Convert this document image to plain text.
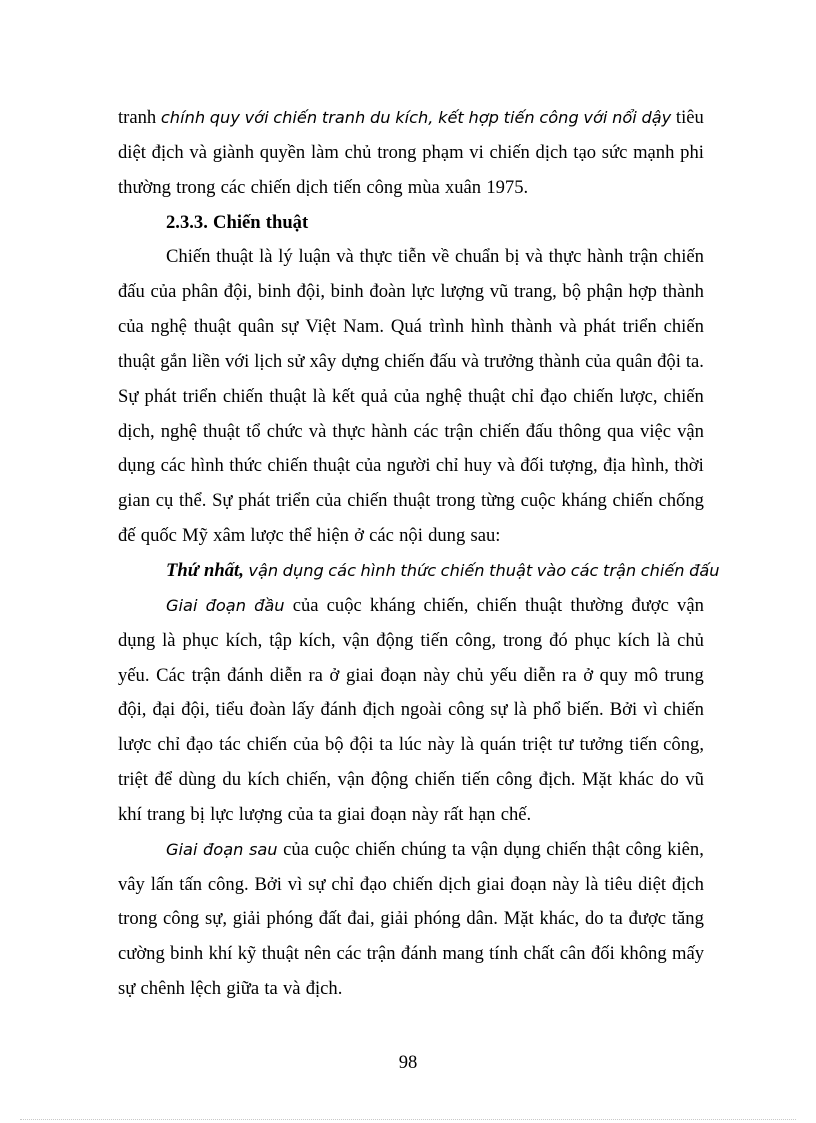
tranh chính quy với chiến tranh du kích, kết hợp tiến công với nổi dậy tiêu
diệt địch và giành quyền làm chủ trong phạm vi chiến dịch tạo sức mạnh phi
thường trong các chiến dịch tiến công mùa xuân 1975.
2.3.3. Chiến thuật
Chiến thuật là lý luận và thực tiễn về chuẩn bị và thực hành trận chiến
đấu của phân đội, binh đội, binh đoàn lực lượng vũ trang, bộ phận hợp thành
của nghệ thuật quân sự Việt Nam. Quá trình hình thành và phát triển chiến
thuật gắn liền với lịch sử xây dựng chiến đấu và trưởng thành của quân đội ta.
Sự phát triển chiến thuật là kết quả của nghệ thuật chỉ đạo chiến lược, chiến
dịch, nghệ thuật tổ chức và thực hành các trận chiến đấu thông qua việc vận
dụng các hình thức chiến thuật của người chỉ huy và đối tượng, địa hình, thời
gian cụ thể. Sự phát triển của chiến thuật trong từng cuộc kháng chiến chống
đế quốc Mỹ xâm lược thể hiện ở các nội dung sau:
Thứ nhất, vận dụng các hình thức chiến thuật vào các trận chiến đấu
Giai đoạn đầu của cuộc kháng chiến, chiến thuật thường được vận
dụng là phục kích, tập kích, vận động tiến công, trong đó phục kích là chủ
yếu. Các trận đánh diễn ra ở giai đoạn này chủ yếu diễn ra ở quy mô trung
đội, đại đội, tiểu đoàn lấy đánh địch ngoài công sự là phổ biến. Bởi vì chiến
lược chỉ đạo tác chiến của bộ đội ta lúc này là quán triệt tư tưởng tiến công,
triệt để dùng du kích chiến, vận động chiến tiến công địch. Mặt khác do vũ
khí trang bị lực lượng của ta giai đoạn này rất hạn chế.
Giai đoạn sau của cuộc chiến chúng ta vận dụng chiến thật công kiên,
vây lấn tấn công. Bởi vì sự chỉ đạo chiến dịch giai đoạn này là tiêu diệt địch
trong công sự, giải phóng đất đai, giải phóng dân. Mặt khác, do ta được tăng
cường binh khí kỹ thuật nên các trận đánh mang tính chất cân đối không mấy
sự chênh lệch giữa ta và địch.
98
